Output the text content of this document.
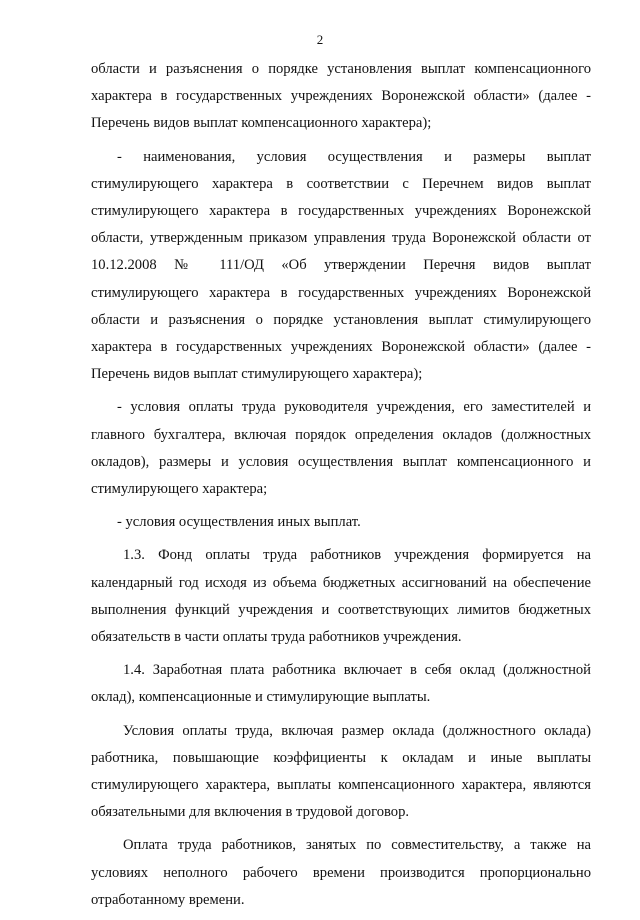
2

области и разъяснения о порядке установления выплат компенсационного характера в государственных учреждениях Воронежской области» (далее - Перечень видов выплат компенсационного характера);

- наименования, условия осуществления и размеры выплат стимулирующего характера в соответствии с Перечнем видов выплат стимулирующего характера в государственных учреждениях Воронежской области, утвержденным приказом управления труда Воронежской области от 10.12.2008 № 111/ОД «Об утверждении Перечня видов выплат стимулирующего характера в государственных учреждениях Воронежской области и разъяснения о порядке установления выплат стимулирующего характера в государственных учреждениях Воронежской области» (далее - Перечень видов выплат стимулирующего характера);

- условия оплаты труда руководителя учреждения, его заместителей и главного бухгалтера, включая порядок определения окладов (должностных окладов), размеры и условия осуществления выплат компенсационного и стимулирующего характера;

- условия осуществления иных выплат.

1.3. Фонд оплаты труда работников учреждения формируется на календарный год исходя из объема бюджетных ассигнований на обеспечение выполнения функций учреждения и соответствующих лимитов бюджетных обязательств в части оплаты труда работников учреждения.

1.4. Заработная плата работника включает в себя оклад (должностной оклад), компенсационные и стимулирующие выплаты.

Условия оплаты труда, включая размер оклада (должностного оклада) работника, повышающие коэффициенты к окладам и иные выплаты стимулирующего характера, выплаты компенсационного характера, являются обязательными для включения в трудовой договор.

Оплата труда работников, занятых по совместительству, а также на условиях неполного рабочего времени производится пропорционально отработанному времени.
